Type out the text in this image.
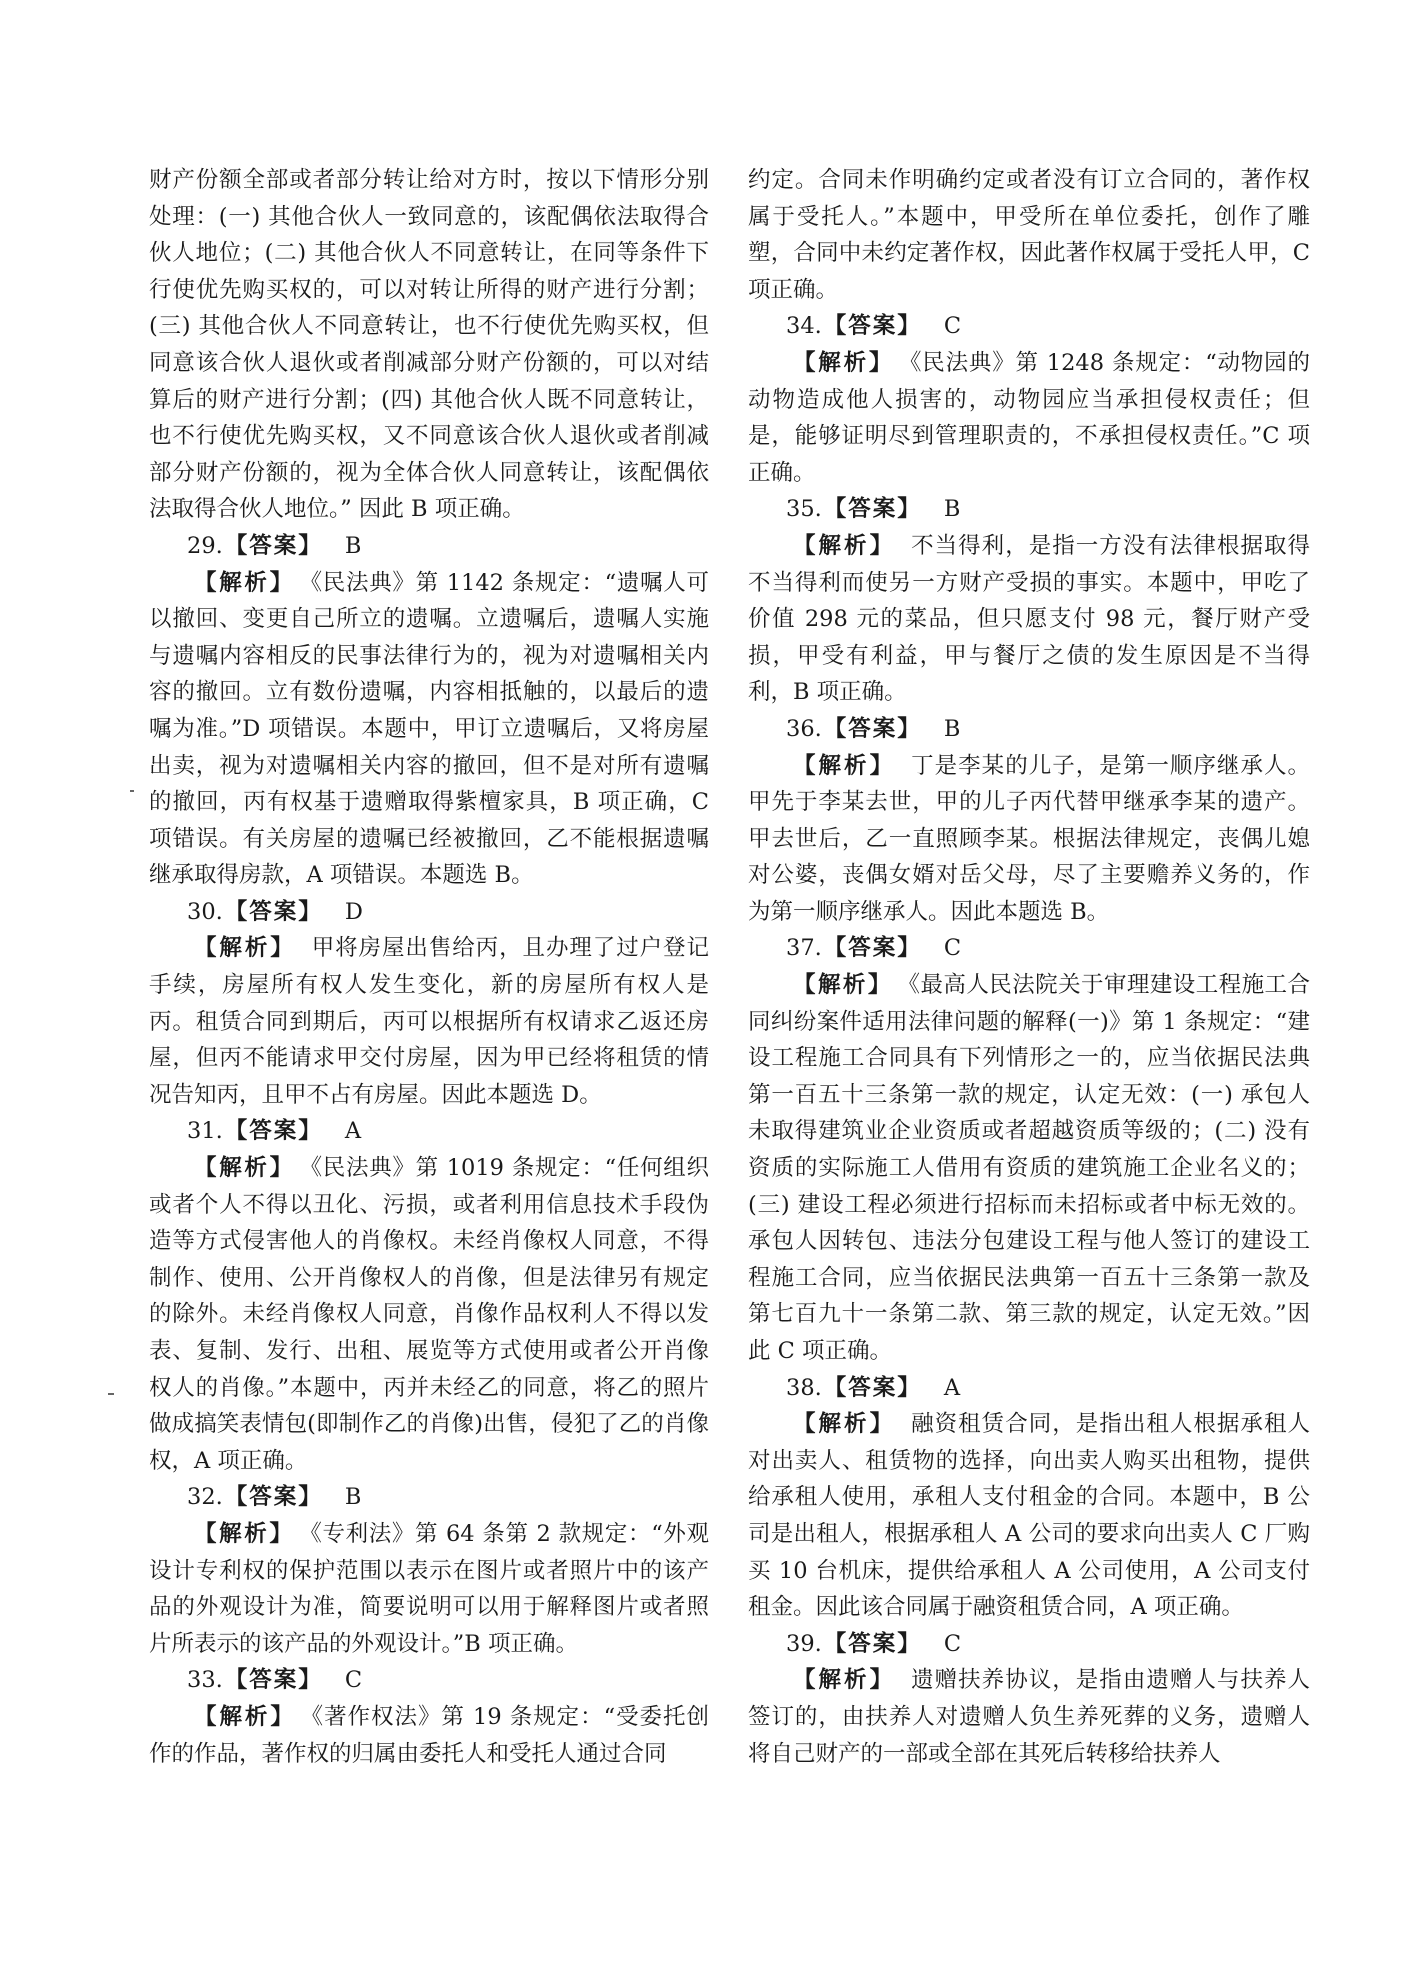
财产份额全部或者部分转让给对方时，按以下情形分别处理：(一) 其他合伙人一致同意的，该配偶依法取得合伙人地位；(二) 其他合伙人不同意转让，在同等条件下行使优先购买权的，可以对转让所得的财产进行分割；(三) 其他合伙人不同意转让，也不行使优先购买权，但同意该合伙人退伙或者削减部分财产份额的，可以对结算后的财产进行分割；(四) 其他合伙人既不同意转让，也不行使优先购买权，又不同意该合伙人退伙或者削减部分财产份额的，视为全体合伙人同意转让，该配偶依法取得合伙人地位。” 因此 B 项正确。

29.【答案】 B

【解析】 《民法典》第 1142 条规定：“遗嘱人可以撤回、变更自己所立的遗嘱。立遗嘱后，遗嘱人实施与遗嘱内容相反的民事法律行为的，视为对遗嘱相关内容的撤回。立有数份遗嘱，内容相抵触的，以最后的遗嘱为准。”D 项错误。本题中，甲订立遗嘱后，又将房屋出卖，视为对遗嘱相关内容的撤回，但不是对所有遗嘱的撤回，丙有权基于遗赠取得紫檀家具，B 项正确，C 项错误。有关房屋的遗嘱已经被撤回，乙不能根据遗嘱继承取得房款，A 项错误。本题选 B。

30.【答案】 D

【解析】 甲将房屋出售给丙，且办理了过户登记手续，房屋所有权人发生变化，新的房屋所有权人是丙。租赁合同到期后，丙可以根据所有权请求乙返还房屋，但丙不能请求甲交付房屋，因为甲已经将租赁的情况告知丙，且甲不占有房屋。因此本题选 D。

31.【答案】 A

【解析】 《民法典》第 1019 条规定：“任何组织或者个人不得以丑化、污损，或者利用信息技术手段伪造等方式侵害他人的肖像权。未经肖像权人同意，不得制作、使用、公开肖像权人的肖像，但是法律另有规定的除外。未经肖像权人同意，肖像作品权利人不得以发表、复制、发行、出租、展览等方式使用或者公开肖像权人的肖像。”本题中，丙并未经乙的同意，将乙的照片做成搞笑表情包(即制作乙的肖像)出售，侵犯了乙的肖像权，A 项正确。

32.【答案】 B

【解析】 《专利法》第 64 条第 2 款规定：“外观设计专利权的保护范围以表示在图片或者照片中的该产品的外观设计为准，简要说明可以用于解释图片或者照片所表示的该产品的外观设计。”B 项正确。

33.【答案】 C

【解析】 《著作权法》第 19 条规定：“受委托创作的作品，著作权的归属由委托人和受托人通过合同

约定。合同未作明确约定或者没有订立合同的，著作权属于受托人。”本题中，甲受所在单位委托，创作了雕塑，合同中未约定著作权，因此著作权属于受托人甲，C 项正确。

34.【答案】 C

【解析】 《民法典》第 1248 条规定：“动物园的动物造成他人损害的，动物园应当承担侵权责任；但是，能够证明尽到管理职责的，不承担侵权责任。”C 项正确。

35.【答案】 B

【解析】 不当得利，是指一方没有法律根据取得不当得利而使另一方财产受损的事实。本题中，甲吃了价值 298 元的菜品，但只愿支付 98 元，餐厅财产受损，甲受有利益，甲与餐厅之债的发生原因是不当得利，B 项正确。

36.【答案】 B

【解析】 丁是李某的儿子，是第一顺序继承人。甲先于李某去世，甲的儿子丙代替甲继承李某的遗产。甲去世后，乙一直照顾李某。根据法律规定，丧偶儿媳对公婆，丧偶女婿对岳父母，尽了主要赡养义务的，作为第一顺序继承人。因此本题选 B。

37.【答案】 C

【解析】 《最高人民法院关于审理建设工程施工合同纠纷案件适用法律问题的解释(一)》第 1 条规定：“建设工程施工合同具有下列情形之一的，应当依据民法典第一百五十三条第一款的规定，认定无效：(一) 承包人未取得建筑业企业资质或者超越资质等级的；(二) 没有资质的实际施工人借用有资质的建筑施工企业名义的；(三) 建设工程必须进行招标而未招标或者中标无效的。承包人因转包、违法分包建设工程与他人签订的建设工程施工合同，应当依据民法典第一百五十三条第一款及第七百九十一条第二款、第三款的规定，认定无效。”因此 C 项正确。

38.【答案】 A

【解析】 融资租赁合同，是指出租人根据承租人对出卖人、租赁物的选择，向出卖人购买出租物，提供给承租人使用，承租人支付租金的合同。本题中，B 公司是出租人，根据承租人 A 公司的要求向出卖人 C 厂购买 10 台机床，提供给承租人 A 公司使用，A 公司支付租金。因此该合同属于融资租赁合同，A 项正确。

39.【答案】 C

【解析】 遗赠扶养协议，是指由遗赠人与扶养人签订的，由扶养人对遗赠人负生养死葬的义务，遗赠人将自己财产的一部或全部在其死后转移给扶养人
